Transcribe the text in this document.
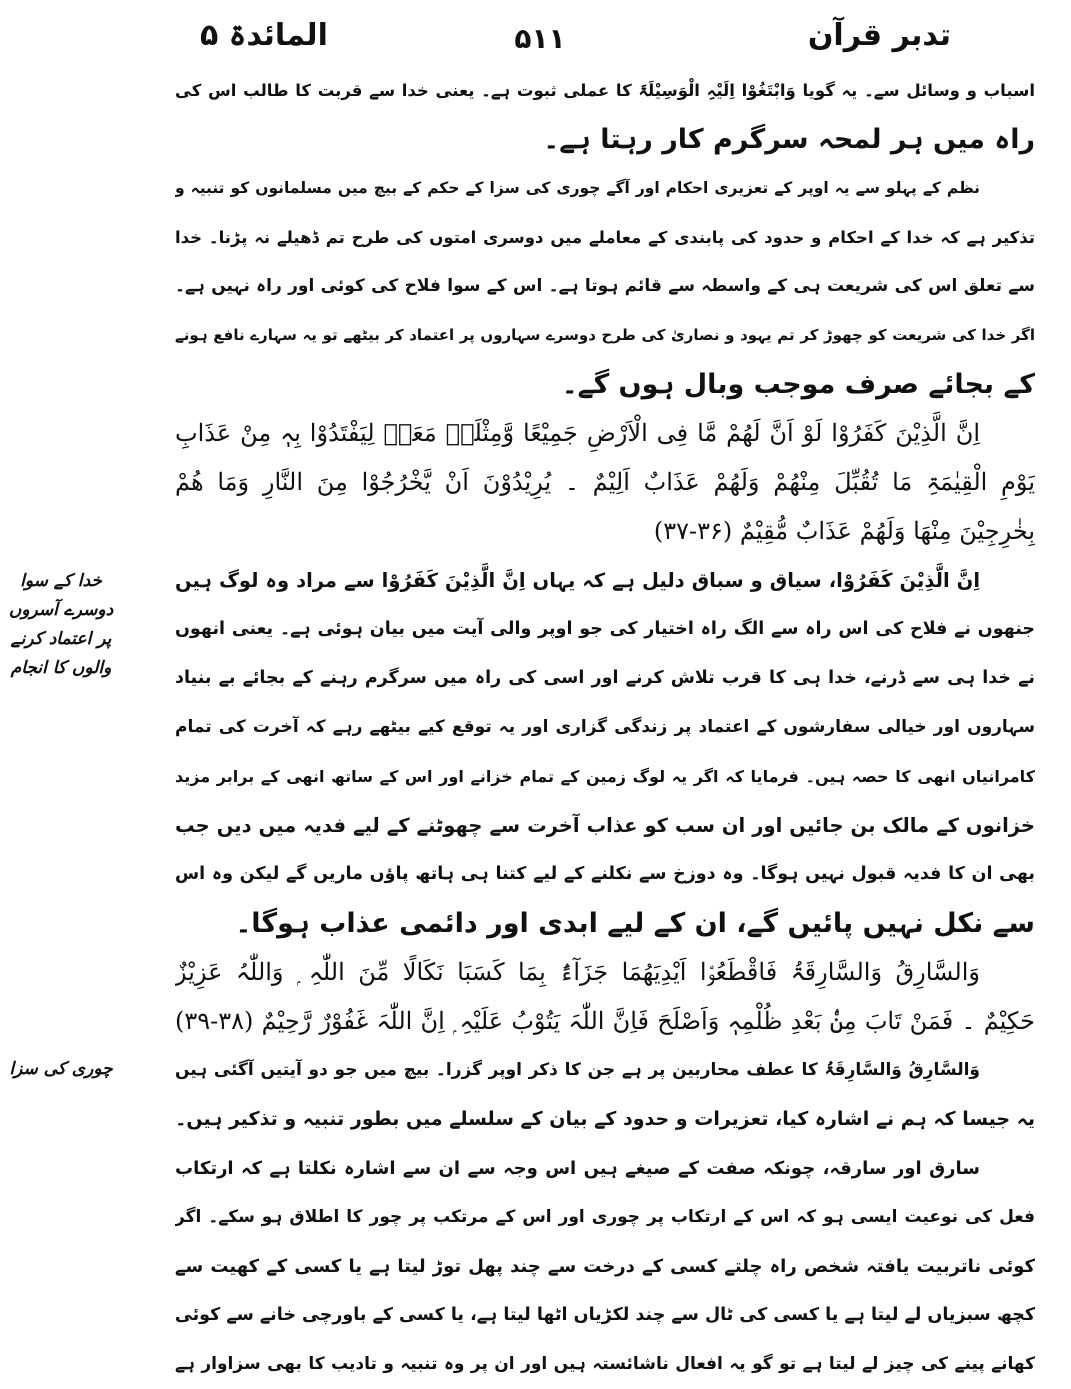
تدبر قرآن
۵۱۱
المائدۃ ۵
خدا کے سوا دوسرے آسروں پر اعتماد کرنے والوں کا انجام
چوری کی سزا
اسباب و وسائل سے۔ یہ گویا وَابْتَغُوْا اِلَیْہِ الْوَسِیْلَۃَ کا عملی ثبوت ہے۔ یعنی خدا سے قربت کا طالب اس کی
راہ میں ہر لمحہ سرگرم کار رہتا ہے۔
نظم کے پہلو سے یہ اوپر کے تعزیری احکام اور آگے چوری کی سزا کے حکم کے بیچ میں مسلمانوں کو تنبیہ و
تذکیر ہے کہ خدا کے احکام و حدود کی پابندی کے معاملے میں دوسری امتوں کی طرح تم ڈھیلے نہ پڑنا۔ خدا
سے تعلق اس کی شریعت ہی کے واسطہ سے قائم ہوتا ہے۔ اس کے سوا فلاح کی کوئی اور راہ نہیں ہے۔
اگر خدا کی شریعت کو چھوڑ کر تم یہود و نصاریٰ کی طرح دوسرے سہاروں پر اعتماد کر بیٹھے تو یہ سہارے نافع ہونے
کے بجائے صرف موجب وبال ہوں گے۔
اِنَّ الَّذِیْنَ کَفَرُوْا لَوْ اَنَّ لَھُمْ مَّا فِی الْاَرْضِ جَمِیْعًا وَّمِثْلَہٗ مَعَہٗ لِیَفْتَدُوْا بِہٖ مِنْ عَذَابِ
یَوْمِ الْقِیٰمَۃِ مَا تُقُبِّلَ مِنْھُمْ وَلَھُمْ عَذَابٌ اَلِیْمٌ ۔ یُرِیْدُوْنَ اَنْ یَّخْرُجُوْا مِنَ النَّارِ وَمَا ھُمْ
بِخٰرِجِیْنَ مِنْھَا وَلَھُمْ عَذَابٌ مُّقِیْمٌ (۳۶-۳۷)
اِنَّ الَّذِیْنَ کَفَرُوْا، سیاق و سباق دلیل ہے کہ یہاں اِنَّ الَّذِیْنَ کَفَرُوْا سے مراد وہ لوگ ہیں
جنھوں نے فلاح کی اس راہ سے الگ راہ اختیار کی جو اوپر والی آیت میں بیان ہوئی ہے۔ یعنی انھوں
نے خدا ہی سے ڈرنے، خدا ہی کا قرب تلاش کرنے اور اسی کی راہ میں سرگرم رہنے کے بجائے بے بنیاد
سہاروں اور خیالی سفارشوں کے اعتماد پر زندگی گزاری اور یہ توقع کیے بیٹھے رہے کہ آخرت کی تمام
کامرانیاں انھی کا حصہ ہیں۔ فرمایا کہ اگر یہ لوگ زمین کے تمام خزانے اور اس کے ساتھ انھی کے برابر مزید
خزانوں کے مالک بن جائیں اور ان سب کو عذاب آخرت سے چھوٹنے کے لیے فدیہ میں دیں جب
بھی ان کا فدیہ قبول نہیں ہوگا۔ وہ دوزخ سے نکلنے کے لیے کتنا ہی ہاتھ پاؤں ماریں گے لیکن وہ اس
سے نکل نہیں پائیں گے، ان کے لیے ابدی اور دائمی عذاب ہوگا۔
وَالسَّارِقُ وَالسَّارِقَۃُ فَاقْطَعُوْۤا اَیْدِیَھُمَا جَزَآءًۢ بِمَا کَسَبَا نَکَالًا مِّنَ اللّٰہِ ۭ وَاللّٰہُ عَزِیْزٌ
حَکِیْمٌ ۔ فَمَنْ تَابَ مِنْۢ بَعْدِ ظُلْمِہٖ وَاَصْلَحَ فَاِنَّ اللّٰہَ یَتُوْبُ عَلَیْہِ ۭ اِنَّ اللّٰہَ غَفُوْرٌ رَّحِیْمٌ (۳۸-۳۹)
وَالسَّارِقُ وَالسَّارِقَۃُ کا عطف محاربین پر ہے جن کا ذکر اوپر گزرا۔ بیچ میں جو دو آیتیں آگئی ہیں
یہ جیسا کہ ہم نے اشارہ کیا، تعزیرات و حدود کے بیان کے سلسلے میں بطور تنبیہ و تذکیر ہیں۔
سارق اور سارقہ، چونکہ صفت کے صیغے ہیں اس وجہ سے ان سے اشارہ نکلتا ہے کہ ارتکاب
فعل کی نوعیت ایسی ہو کہ اس کے ارتکاب پر چوری اور اس کے مرتکب پر چور کا اطلاق ہو سکے۔ اگر
کوئی ناتربیت یافتہ شخص راہ چلتے کسی کے درخت سے چند پھل توڑ لیتا ہے یا کسی کے کھیت سے
کچھ سبزیاں لے لیتا ہے یا کسی کی ٹال سے چند لکڑیاں اٹھا لیتا ہے، یا کسی کے باورچی خانے سے کوئی
کھانے پینے کی چیز لے لیتا ہے تو گو یہ افعال ناشائستہ ہیں اور ان پر وہ تنبیہ و تادیب کا بھی سزاوار ہے
